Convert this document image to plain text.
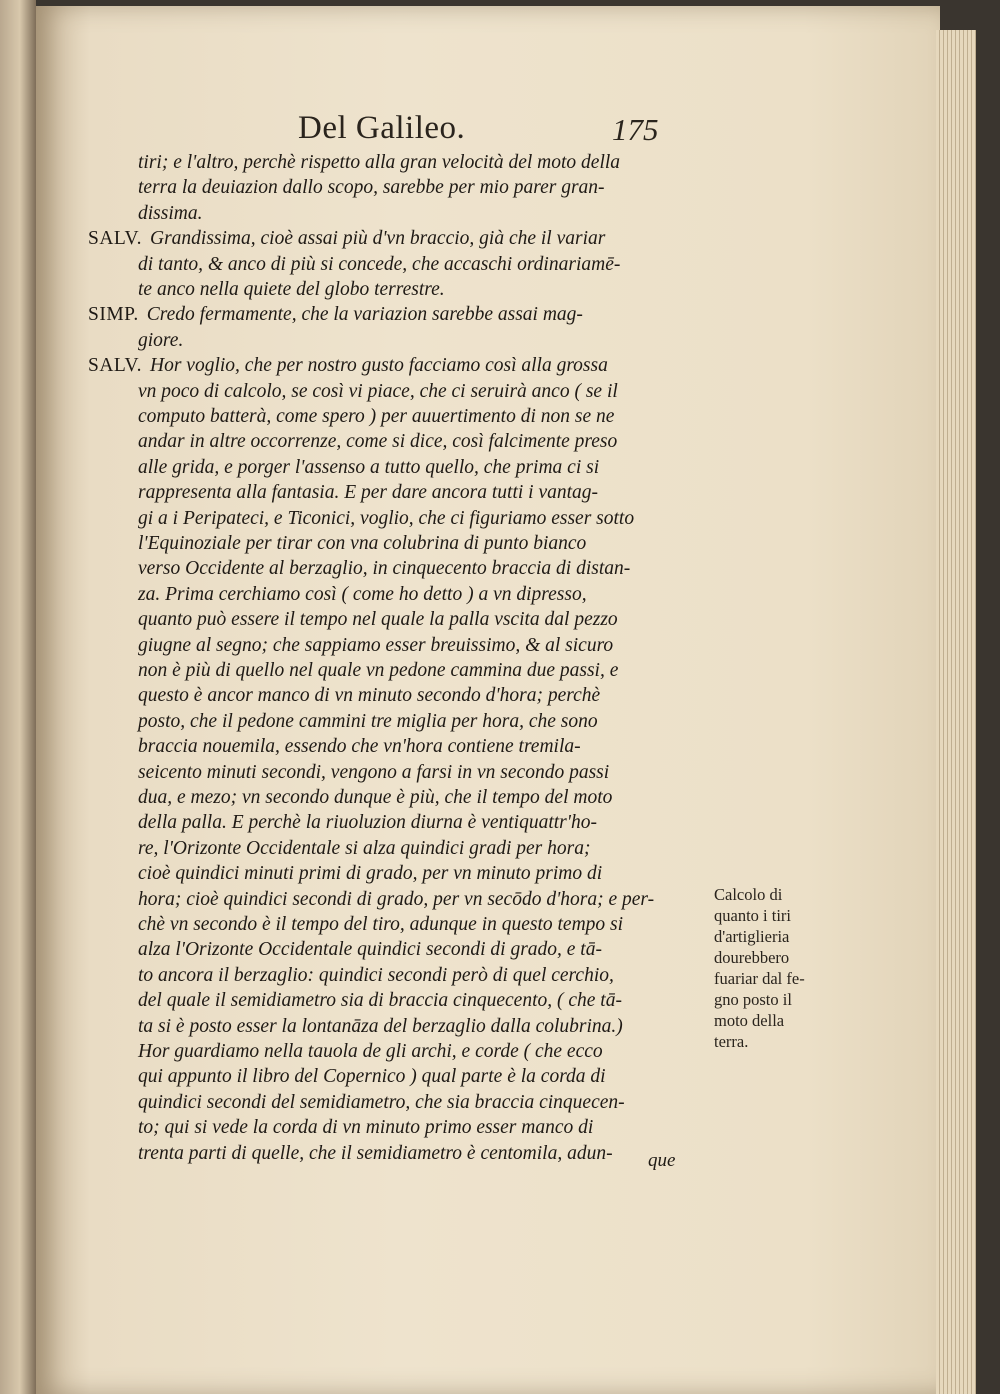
Del Galileo.	175
tiri; e l'altro, perchè rispetto alla gran velocità del moto della
terra la deuiazion dallo scopo, sarebbe per mio parer gran-
dissima.
SALV. Grandissima, cioè assai più d'vn braccio, già che il variar
di tanto, & anco di più si concede, che accaschi ordinariamē-
te anco nella quiete del globo terrestre.
SIMP. Credo fermamente, che la variazion sarebbe assai mag-
giore.
SALV. Hor voglio, che per nostro gusto facciamo così alla grossa
vn poco di calcolo, se così vi piace, che ci seruirà anco ( se il
computo batterà, come spero ) per auuertimento di non se ne
andar in altre occorrenze, come si dice, così falcimente preso
alle grida, e porger l'assenso a tutto quello, che prima ci si
rappresenta alla fantasia. E per dare ancora tutti i vantag-
gi a i Peripateci, e Ticonici, voglio, che ci figuriamo esser sotto
l'Equinoziale per tirar con vna colubrina di punto bianco
verso Occidente al berzaglio, in cinquecento braccia di distan-
za. Prima cerchiamo così ( come ho detto ) a vn dipresso,
quanto può essere il tempo nel quale la palla vscita dal pezzo
giugne al segno; che sappiamo esser breuissimo, & al sicuro
non è più di quello nel quale vn pedone cammina due passi, e
questo è ancor manco di vn minuto secondo d'hora; perchè
posto, che il pedone cammini tre miglia per hora, che sono
braccia nouemila, essendo che vn'hora contiene tremila-
seicento minuti secondi, vengono a farsi in vn secondo passi
dua, e mezo; vn secondo dunque è più, che il tempo del moto
della palla. E perchè la riuoluzion diurna è ventiquattr'ho-
re, l'Orizonte Occidentale si alza quindici gradi per hora;
cioè quindici minuti primi di grado, per vn minuto primo di
hora; cioè quindici secondi di grado, per vn secōdo d'hora; e per-
chè vn secondo è il tempo del tiro, adunque in questo tempo si
alza l'Orizonte Occidentale quindici secondi di grado, e tā-
to ancora il berzaglio: quindici secondi però di quel cerchio,
del quale il semidiametro sia di braccia cinquecento, ( che tā-
ta si è posto esser la lontanāza del berzaglio dalla colubrina.)
Hor guardiamo nella tauola de gli archi, e corde ( che ecco
qui appunto il libro del Copernico ) qual parte è la corda di
quindici secondi del semidiametro, che sia braccia cinquecen-
to; qui si vede la corda di vn minuto primo esser manco di
trenta parti di quelle, che il semidiametro è centomila, adun- que
Calcolo di
quanto i tiri
d'artiglieria
dourebbero
fuariar dal fe-
gno posto il
moto della
terra.
